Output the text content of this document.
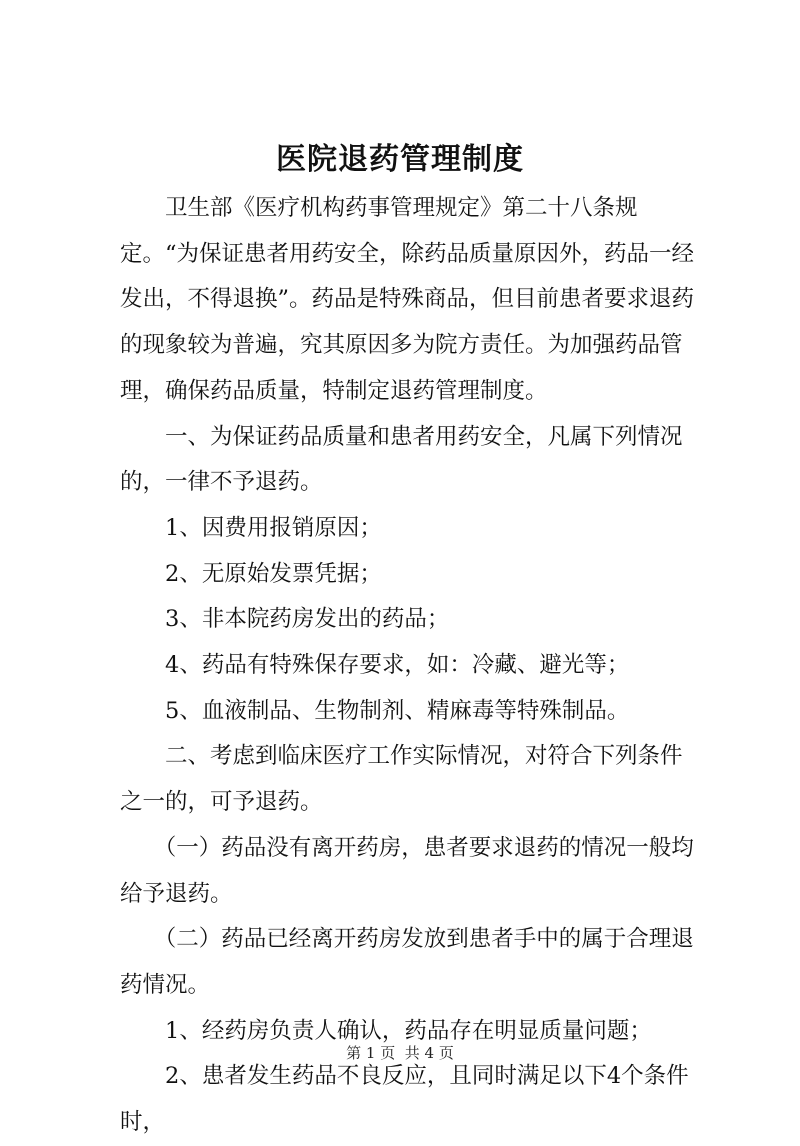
医院退药管理制度

卫生部《医疗机构药事管理规定》第二十八条规定。“为保证患者用药安全，除药品质量原因外，药品一经发出，不得退换”。药品是特殊商品，但目前患者要求退药的现象较为普遍，究其原因多为院方责任。为加强药品管理，确保药品质量，特制定退药管理制度。

一、为保证药品质量和患者用药安全，凡属下列情况的，一律不予退药。

1、因费用报销原因；

2、无原始发票凭据；

3、非本院药房发出的药品；

4、药品有特殊保存要求，如：冷藏、避光等；

5、血液制品、生物制剂、精麻毒等特殊制品。

二、考虑到临床医疗工作实际情况，对符合下列条件之一的，可予退药。

（一）药品没有离开药房，患者要求退药的情况一般均给予退药。

（二）药品已经离开药房发放到患者手中的属于合理退药情况。

1、经药房负责人确认，药品存在明显质量问题；

2、患者发生药品不良反应，且同时满足以下4个条件时，

第 1 页  共 4 页
